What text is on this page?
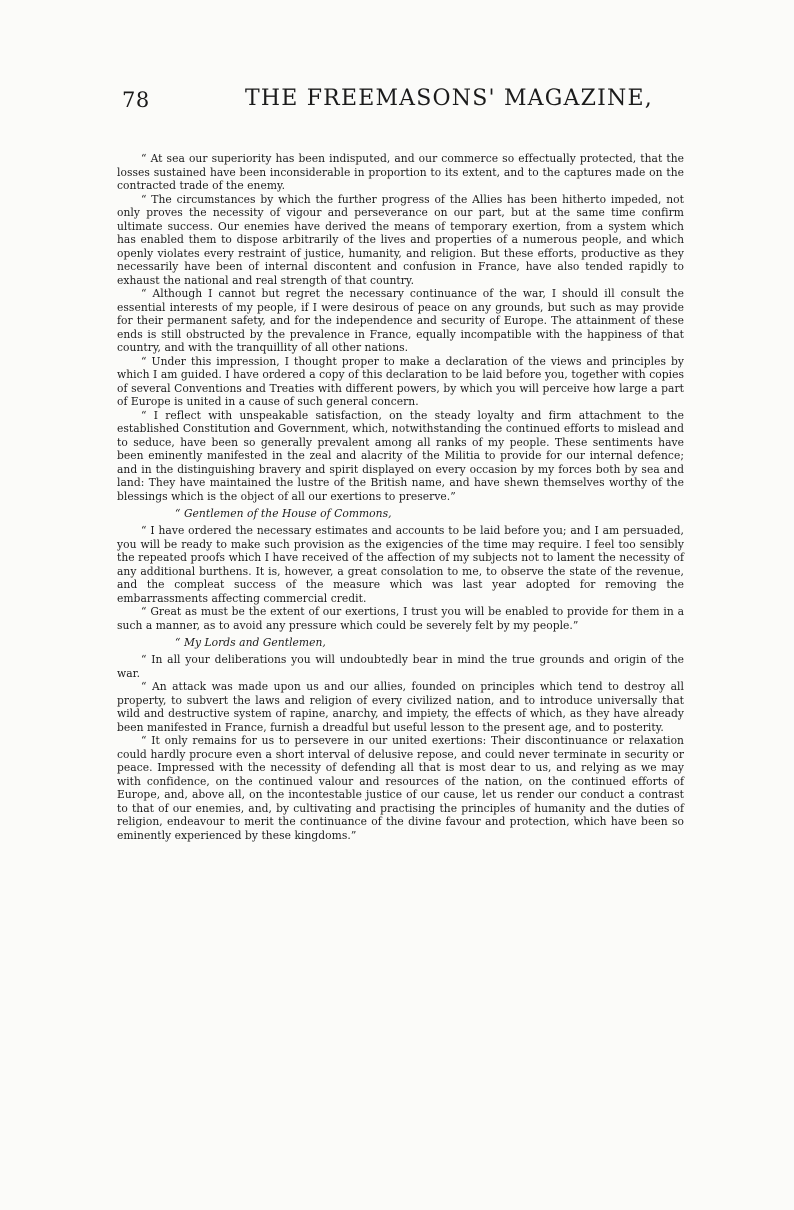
78	THE FREEMASONS' MAGAZINE,

“ At sea our superiority has been indisputed, and our commerce so effectually protected, that the losses sustained have been inconsiderable in proportion to its extent, and to the captures made on the contracted trade of the enemy.

“ The circumstances by which the further progress of the Allies has been hitherto impeded, not only proves the necessity of vigour and perseverance on our part, but at the same time confirm ultimate success. Our enemies have derived the means of temporary exertion, from a system which has enabled them to dispose arbitrarily of the lives and properties of a numerous people, and which openly violates every restraint of justice, humanity, and religion. But these efforts, productive as they necessarily have been of internal discontent and confusion in France, have also tended rapidly to exhaust the national and real strength of that country.

“ Although I cannot but regret the necessary continuance of the war, I should ill consult the essential interests of my people, if I were desirous of peace on any grounds, but such as may provide for their permanent safety, and for the independence and security of Europe. The attainment of these ends is still obstructed by the prevalence in France, equally incompatible with the happiness of that country, and with the tranquillity of all other nations.

“ Under this impression, I thought proper to make a declaration of the views and principles by which I am guided. I have ordered a copy of this declaration to be laid before you, together with copies of several Conventions and Treaties with different powers, by which you will perceive how large a part of Europe is united in a cause of such general concern.

“ I reflect with unspeakable satisfaction, on the steady loyalty and firm attachment to the established Constitution and Government, which, notwithstanding the continued efforts to mislead and to seduce, have been so generally prevalent among all ranks of my people. These sentiments have been eminently manifested in the zeal and alacrity of the Militia to provide for our internal defence; and in the distinguishing bravery and spirit displayed on every occasion by my forces both by sea and land: They have maintained the lustre of the British name, and have shewn themselves worthy of the blessings which is the object of all our exertions to preserve.”

“ Gentlemen of the House of Commons,

“ I have ordered the necessary estimates and accounts to be laid before you; and I am persuaded, you will be ready to make such provision as the exigencies of the time may require. I feel too sensibly the repeated proofs which I have received of the affection of my subjects not to lament the necessity of any additional burthens. It is, however, a great consolation to me, to observe the state of the revenue, and the compleat success of the measure which was last year adopted for removing the embarrassments affecting commercial credit.

“ Great as must be the extent of our exertions, I trust you will be enabled to provide for them in a such a manner, as to avoid any pressure which could be severely felt by my people.”

“ My Lords and Gentlemen,

“ In all your deliberations you will undoubtedly bear in mind the true grounds and origin of the war.

“ An attack was made upon us and our allies, founded on principles which tend to destroy all property, to subvert the laws and religion of every civilized nation, and to introduce universally that wild and destructive system of rapine, anarchy, and impiety, the effects of which, as they have already been manifested in France, furnish a dreadful but useful lesson to the present age, and to posterity.

“ It only remains for us to persevere in our united exertions: Their discontinuance or relaxation could hardly procure even a short interval of delusive repose, and could never terminate in security or peace. Impressed with the necessity of defending all that is most dear to us, and relying as we may with confidence, on the continued valour and resources of the nation, on the continued efforts of Europe, and, above all, on the incontestable justice of our cause, let us render our conduct a contrast to that of our enemies, and, by cultivating and practising the principles of humanity and the duties of religion, endeavour to merit the continuance of the divine favour and protection, which have been so eminently experienced by these kingdoms.”
